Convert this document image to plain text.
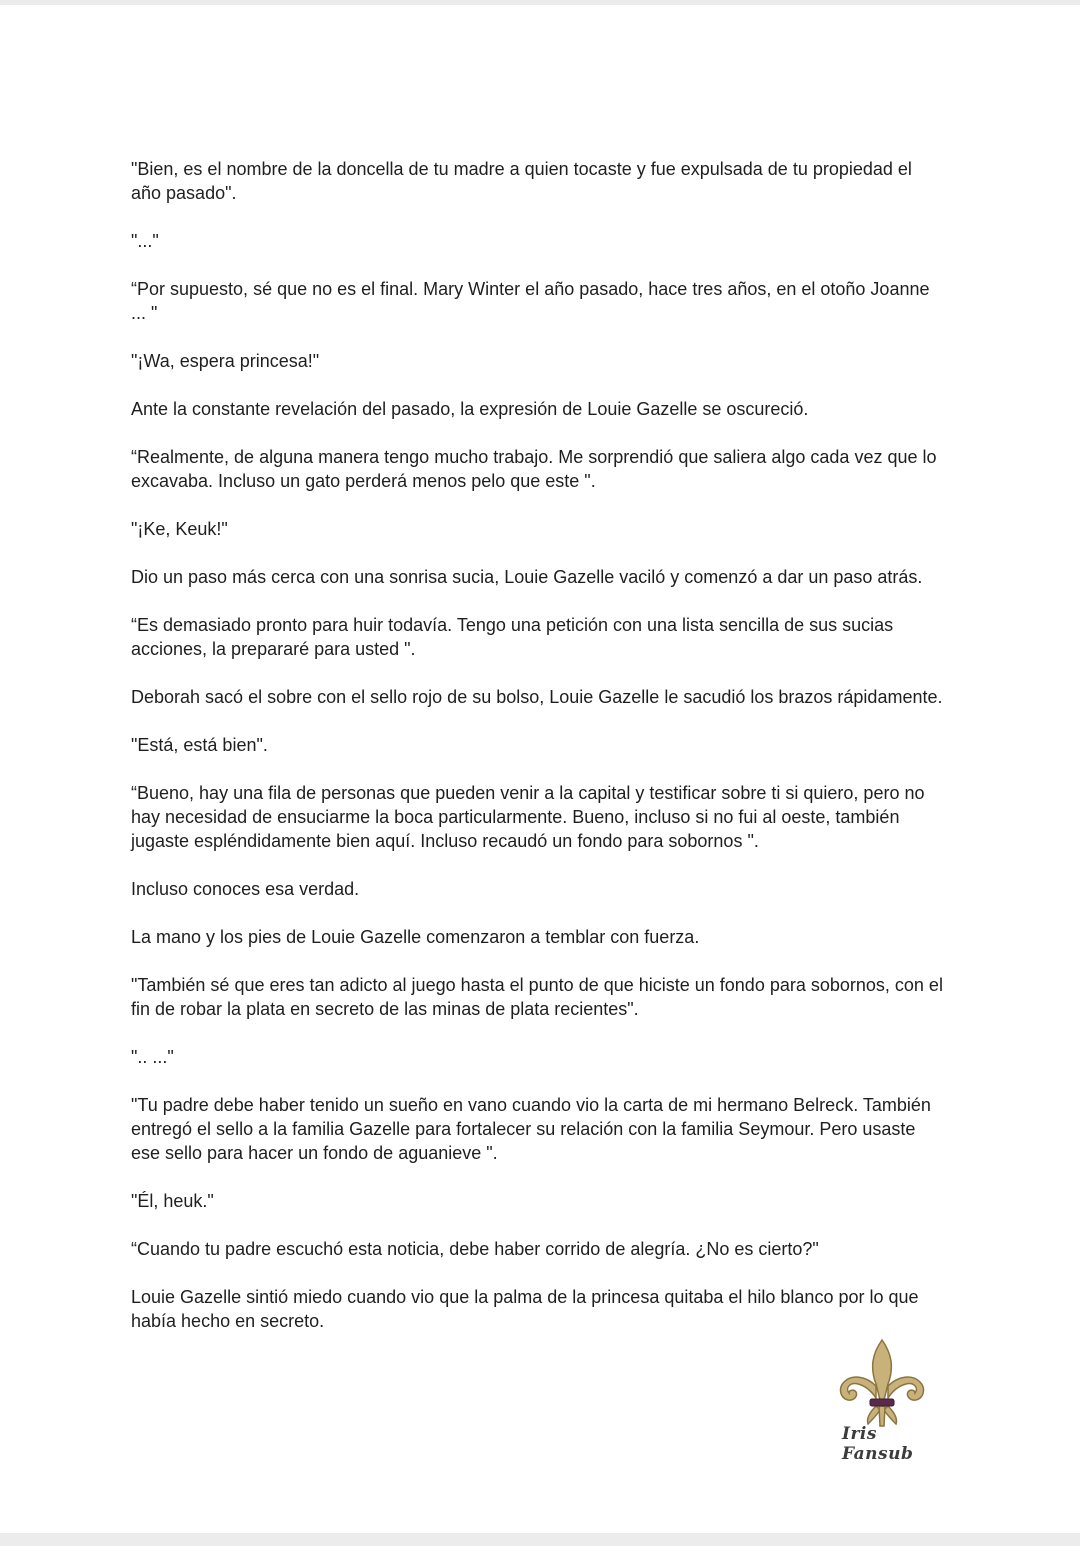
"Bien, es el nombre de la doncella de tu madre a quien tocaste y fue expulsada de tu propiedad el
año pasado".

"..."

“Por supuesto, sé que no es el final. Mary Winter el año pasado, hace tres años, en el otoño Joanne
... "

"¡Wa, espera princesa!"

Ante la constante revelación del pasado, la expresión de Louie Gazelle se oscureció.

“Realmente, de alguna manera tengo mucho trabajo. Me sorprendió que saliera algo cada vez que lo
excavaba. Incluso un gato perderá menos pelo que este ".

"¡Ke, Keuk!"

Dio un paso más cerca con una sonrisa sucia, Louie Gazelle vaciló y comenzó a dar un paso atrás.

“Es demasiado pronto para huir todavía. Tengo una petición con una lista sencilla de sus sucias
acciones, la prepararé para usted ".

Deborah sacó el sobre con el sello rojo de su bolso, Louie Gazelle le sacudió los brazos rápidamente.

"Está, está bien".

“Bueno, hay una fila de personas que pueden venir a la capital y testificar sobre ti si quiero, pero no
hay necesidad de ensuciarme la boca particularmente. Bueno, incluso si no fui al oeste, también
jugaste espléndidamente bien aquí. Incluso recaudó un fondo para sobornos ".

Incluso conoces esa verdad.

La mano y los pies de Louie Gazelle comenzaron a temblar con fuerza.

"También sé que eres tan adicto al juego hasta el punto de que hiciste un fondo para sobornos, con el
fin de robar la plata en secreto de las minas de plata recientes".

".. ..."

"Tu padre debe haber tenido un sueño en vano cuando vio la carta de mi hermano Belreck. También
entregó el sello a la familia Gazelle para fortalecer su relación con la familia Seymour. Pero usaste
ese sello para hacer un fondo de aguanieve ".

"Él, heuk."

“Cuando tu padre escuchó esta noticia, debe haber corrido de alegría. ¿No es cierto?"

Louie Gazelle sintió miedo cuando vio que la palma de la princesa quitaba el hilo blanco por lo que
había hecho en secreto.

Iris Fansub
